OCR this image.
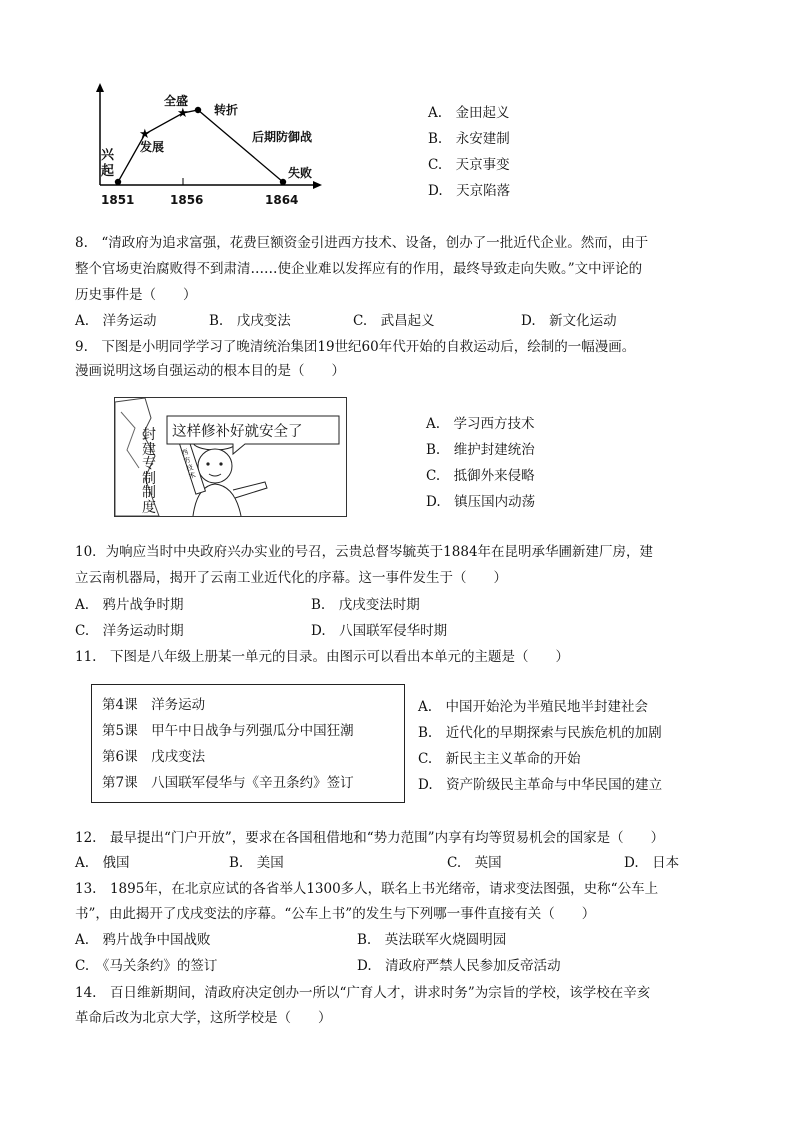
★
★
兴起
发展
全盛
转折
后期防御战
失败
1851	1856	1864
A.　金田起义
B.　永安建制
C.　天京事变
D.　天京陷落
8.　“清政府为追求富强，花费巨额资金引进西方技术、设备，创办了一批近代企业。然而，由于
整个官场吏治腐败得不到肃清……使企业难以发挥应有的作用，最终导致走向失败。”文中评论的
历史事件是（　　）
A.　洋务运动	B.　戊戌变法	C.　武昌起义	D.　新文化运动
9.　下图是小明同学学习了晚清统治集团19世纪60年代开始的自救运动后，绘制的一幅漫画。
漫画说明这场自强运动的根本目的是（　　）
这样修补好就安全了
封
建
专
制
制
度
西方技术
A.　学习西方技术
B.　维护封建统治
C.　抵御外来侵略
D.　镇压国内动荡
10．为响应当时中央政府兴办实业的号召，云贵总督岑毓英于1884年在昆明承华圃新建厂房，建
立云南机器局，揭开了云南工业近代化的序幕。这一事件发生于（　　）
A.　鸦片战争时期	B.　戊戌变法时期
C.　洋务运动时期	D.　八国联军侵华时期
11.　下图是八年级上册某一单元的目录。由图示可以看出本单元的主题是（　　）
第4课　洋务运动
第5课　甲午中日战争与列强瓜分中国狂潮
第6课　戊戌变法
第7课　八国联军侵华与《辛丑条约》签订
A.　中国开始沦为半殖民地半封建社会
B.　近代化的早期探索与民族危机的加剧
C.　新民主主义革命的开始
D.　资产阶级民主革命与中华民国的建立
12.　最早提出“门户开放”，要求在各国租借地和“势力范围”内享有均等贸易机会的国家是（　　）
A.　俄国	B.　美国	C.　英国	D.　日本
13.　1895年，在北京应试的各省举人1300多人，联名上书光绪帝，请求变法图强，史称“公车上
书”，由此揭开了戊戌变法的序幕。“公车上书”的发生与下列哪一事件直接有关（　　）
A.　鸦片战争中国战败	B.　英法联军火烧圆明园
C.　《马关条约》的签订	D.　清政府严禁人民参加反帝活动
14.　百日维新期间，清政府决定创办一所以“广育人才，讲求时务”为宗旨的学校，该学校在辛亥
革命后改为北京大学，这所学校是（　　）
